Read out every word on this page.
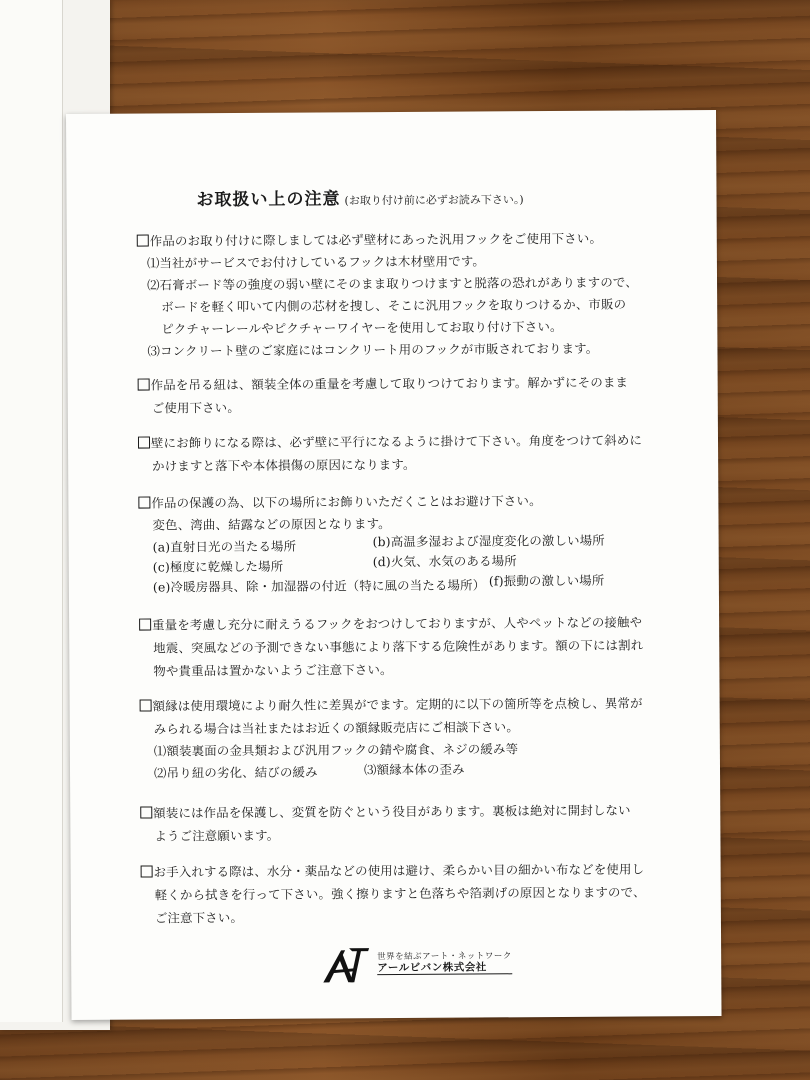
お取扱い上の注意 (お取り付け前に必ずお読み下さい。)
作品のお取り付けに際しましては必ず壁材にあった汎用フックをご使用下さい。
⑴当社がサービスでお付けしているフックは木材壁用です。
⑵石膏ボード等の強度の弱い壁にそのまま取りつけますと脱落の恐れがありますので、
ボードを軽く叩いて内側の芯材を捜し、そこに汎用フックを取りつけるか、市販の
ピクチャーレールやピクチャーワイヤーを使用してお取り付け下さい。
⑶コンクリート壁のご家庭にはコンクリート用のフックが市販されております。
作品を吊る紐は、額装全体の重量を考慮して取りつけております。解かずにそのまま
ご使用下さい。
壁にお飾りになる際は、必ず壁に平行になるように掛けて下さい。角度をつけて斜めに
かけますと落下や本体損傷の原因になります。
作品の保護の為、以下の場所にお飾りいただくことはお避け下さい。
変色、湾曲、結露などの原因となります。
(a)直射日光の当たる場所	(b)高温多湿および湿度変化の激しい場所
(c)極度に乾燥した場所	(d)火気、水気のある場所
(e)冷暖房器具、除・加湿器の付近（特に風の当たる場所） (f)振動の激しい場所
重量を考慮し充分に耐えうるフックをおつけしておりますが、人やペットなどの接触や
地震、突風などの予測できない事態により落下する危険性があります。額の下には割れ
物や貴重品は置かないようご注意下さい。
額縁は使用環境により耐久性に差異がでます。定期的に以下の箇所等を点検し、異常が
みられる場合は当社またはお近くの額縁販売店にご相談下さい。
⑴額装裏面の金具類および汎用フックの錆や腐食、ネジの緩み等
⑵吊り紐の劣化、結びの緩み	⑶額縁本体の歪み
額装には作品を保護し、変質を防ぐという役目があります。裏板は絶対に開封しない
ようご注意願います。
お手入れする際は、水分・薬品などの使用は避け、柔らかい目の細かい布などを使用し
軽くから拭きを行って下さい。強く擦りますと色落ちや箔剥げの原因となりますので、
ご注意下さい。
世界を結ぶアート・ネットワーク
アールビバン株式会社
